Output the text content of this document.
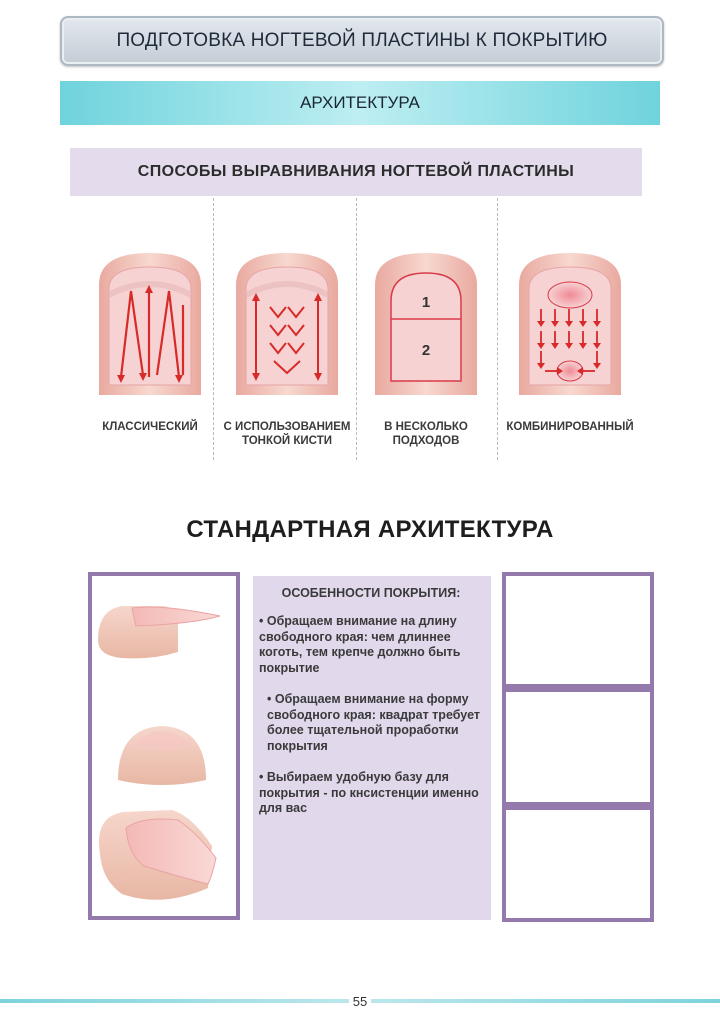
ПОДГОТОВКА НОГТЕВОЙ ПЛАСТИНЫ К ПОКРЫТИЮ
АРХИТЕКТУРА
СПОСОБЫ ВЫРАВНИВАНИЯ НОГТЕВОЙ ПЛАСТИНЫ
КЛАССИЧЕСКИЙ	С ИСПОЛЬЗОВАНИЕМ ТОНКОЙ КИСТИ
1
2
В НЕСКОЛЬКО ПОДХОДОВ
КОМБИНИРОВАННЫЙ
СТАНДАРТНАЯ АРХИТЕКТУРА
ОСОБЕННОСТИ ПОКРЫТИЯ:
• Обращаем внимание на длину свободного края: чем длиннее коготь, тем крепче должно быть покрытие
• Обращаем внимание на форму свободного края: квадрат требует более тщательной проработки покрытия
• Выбираем удобную базу для покрытия - по кнсистенции именно для вас
55
